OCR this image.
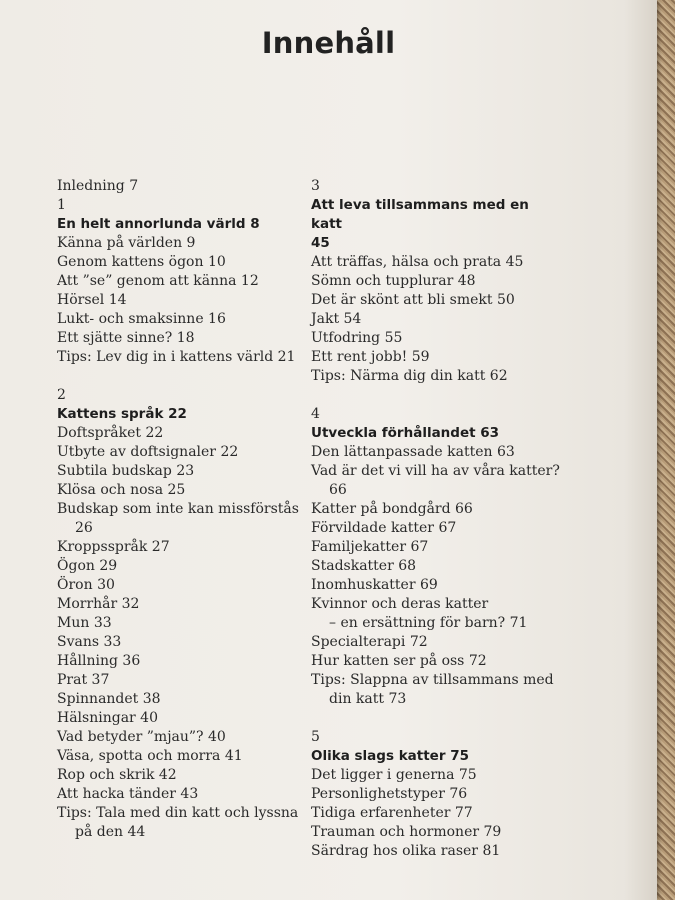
Innehåll
Inledning 7
1
En helt annorlunda värld 8
Känna på världen 9
Genom kattens ögon 10
Att ”se” genom att känna 12
Hörsel 14
Lukt- och smaksinne 16
Ett sjätte sinne? 18
Tips: Lev dig in i kattens värld 21
2
Kattens språk 22
Doftspråket 22
Utbyte av doftsignaler 22
Subtila budskap 23
Klösa och nosa 25
Budskap som inte kan missförstås
26
Kroppsspråk 27
Ögon 29
Öron 30
Morrhår 32
Mun 33
Svans 33
Hållning 36
Prat 37
Spinnandet 38
Hälsningar 40
Vad betyder ”mjau”? 40
Väsa, spotta och morra 41
Rop och skrik 42
Att hacka tänder 43
Tips: Tala med din katt och lyssna
på den 44
3
Att leva tillsammans med en katt
45
Att träffas, hälsa och prata 45
Sömn och tupplurar 48
Det är skönt att bli smekt 50
Jakt 54
Utfodring 55
Ett rent jobb! 59
Tips: Närma dig din katt 62
4
Utveckla förhållandet 63
Den lättanpassade katten 63
Vad är det vi vill ha av våra katter?
66
Katter på bondgård 66
Förvildade katter 67
Familjekatter 67
Stadskatter 68
Inomhuskatter 69
Kvinnor och deras katter
– en ersättning för barn? 71
Specialterapi 72
Hur katten ser på oss 72
Tips: Slappna av tillsammans med
din katt 73
5
Olika slags katter 75
Det ligger i generna 75
Personlighetstyper 76
Tidiga erfarenheter 77
Trauman och hormoner 79
Särdrag hos olika raser 81
